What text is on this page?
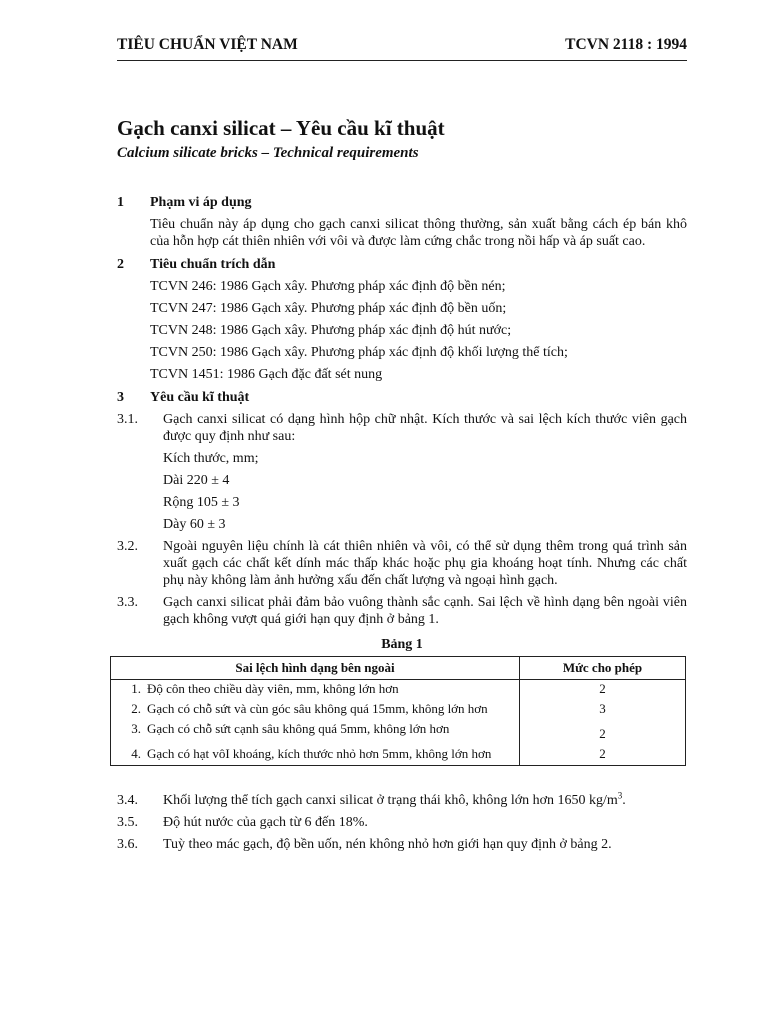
TIÊU CHUẨN VIỆT NAM	TCVN 2118 : 1994
Gạch canxi silicat – Yêu cầu kĩ thuật
Calcium silicate bricks – Technical requirements
1	Phạm vi áp dụng
Tiêu chuẩn này áp dụng cho gạch canxi silicat thông thường, sản xuất bằng cách ép bán khô của hỗn hợp cát thiên nhiên với vôi và được làm cứng chắc trong nồi hấp và áp suất cao.
2	Tiêu chuẩn trích dẫn
TCVN 246: 1986 Gạch xây. Phương pháp xác định độ bền nén;
TCVN 247: 1986 Gạch xây. Phương pháp xác định độ bền uốn;
TCVN 248: 1986 Gạch xây. Phương pháp xác định độ hút nước;
TCVN 250: 1986 Gạch xây. Phương pháp xác định độ khối lượng thể tích;
TCVN 1451: 1986 Gạch đặc đất sét nung
3	Yêu cầu kĩ thuật
3.1.	Gạch canxi silicat có dạng hình hộp chữ nhật. Kích thước và sai lệch kích thước viên gạch được quy định như sau:
Kích thước, mm;
Dài 220 ± 4
Rộng 105 ± 3
Dày 60 ± 3
3.2.	Ngoài nguyên liệu chính là cát thiên nhiên và vôi, có thể sử dụng thêm trong quá trình sản xuất gạch các chất kết dính mác thấp khác hoặc phụ gia khoáng hoạt tính. Nhưng các chất phụ này không làm ảnh hưởng xấu đến chất lượng và ngoại hình gạch.
3.3.	Gạch canxi silicat phải đảm bảo vuông thành sắc cạnh. Sai lệch về hình dạng bên ngoài viên gạch không vượt quá giới hạn quy định ở bảng 1.
Bảng 1
Sai lệch hình dạng bên ngoài	Mức cho phép
1. Độ côn theo chiều dày viên, mm, không lớn hơn	2
2. Gạch có chỗ sứt và cùn góc sâu không quá 15mm, không lớn hơn	3
3. Gạch có chỗ sứt cạnh sâu không quá 5mm, không lớn hơn	2
4. Gạch có hạt vôI khoáng, kích thước nhỏ hơn 5mm, không lớn hơn	2
3.4.	Khối lượng thể tích gạch canxi silicat ở trạng thái khô, không lớn hơn 1650 $kg/m^3$.
3.5.	Độ hút nước của gạch từ 6 đến 18%.
3.6.	Tuỳ theo mác gạch, độ bền uốn, nén không nhỏ hơn giới hạn quy định ở bảng 2.
